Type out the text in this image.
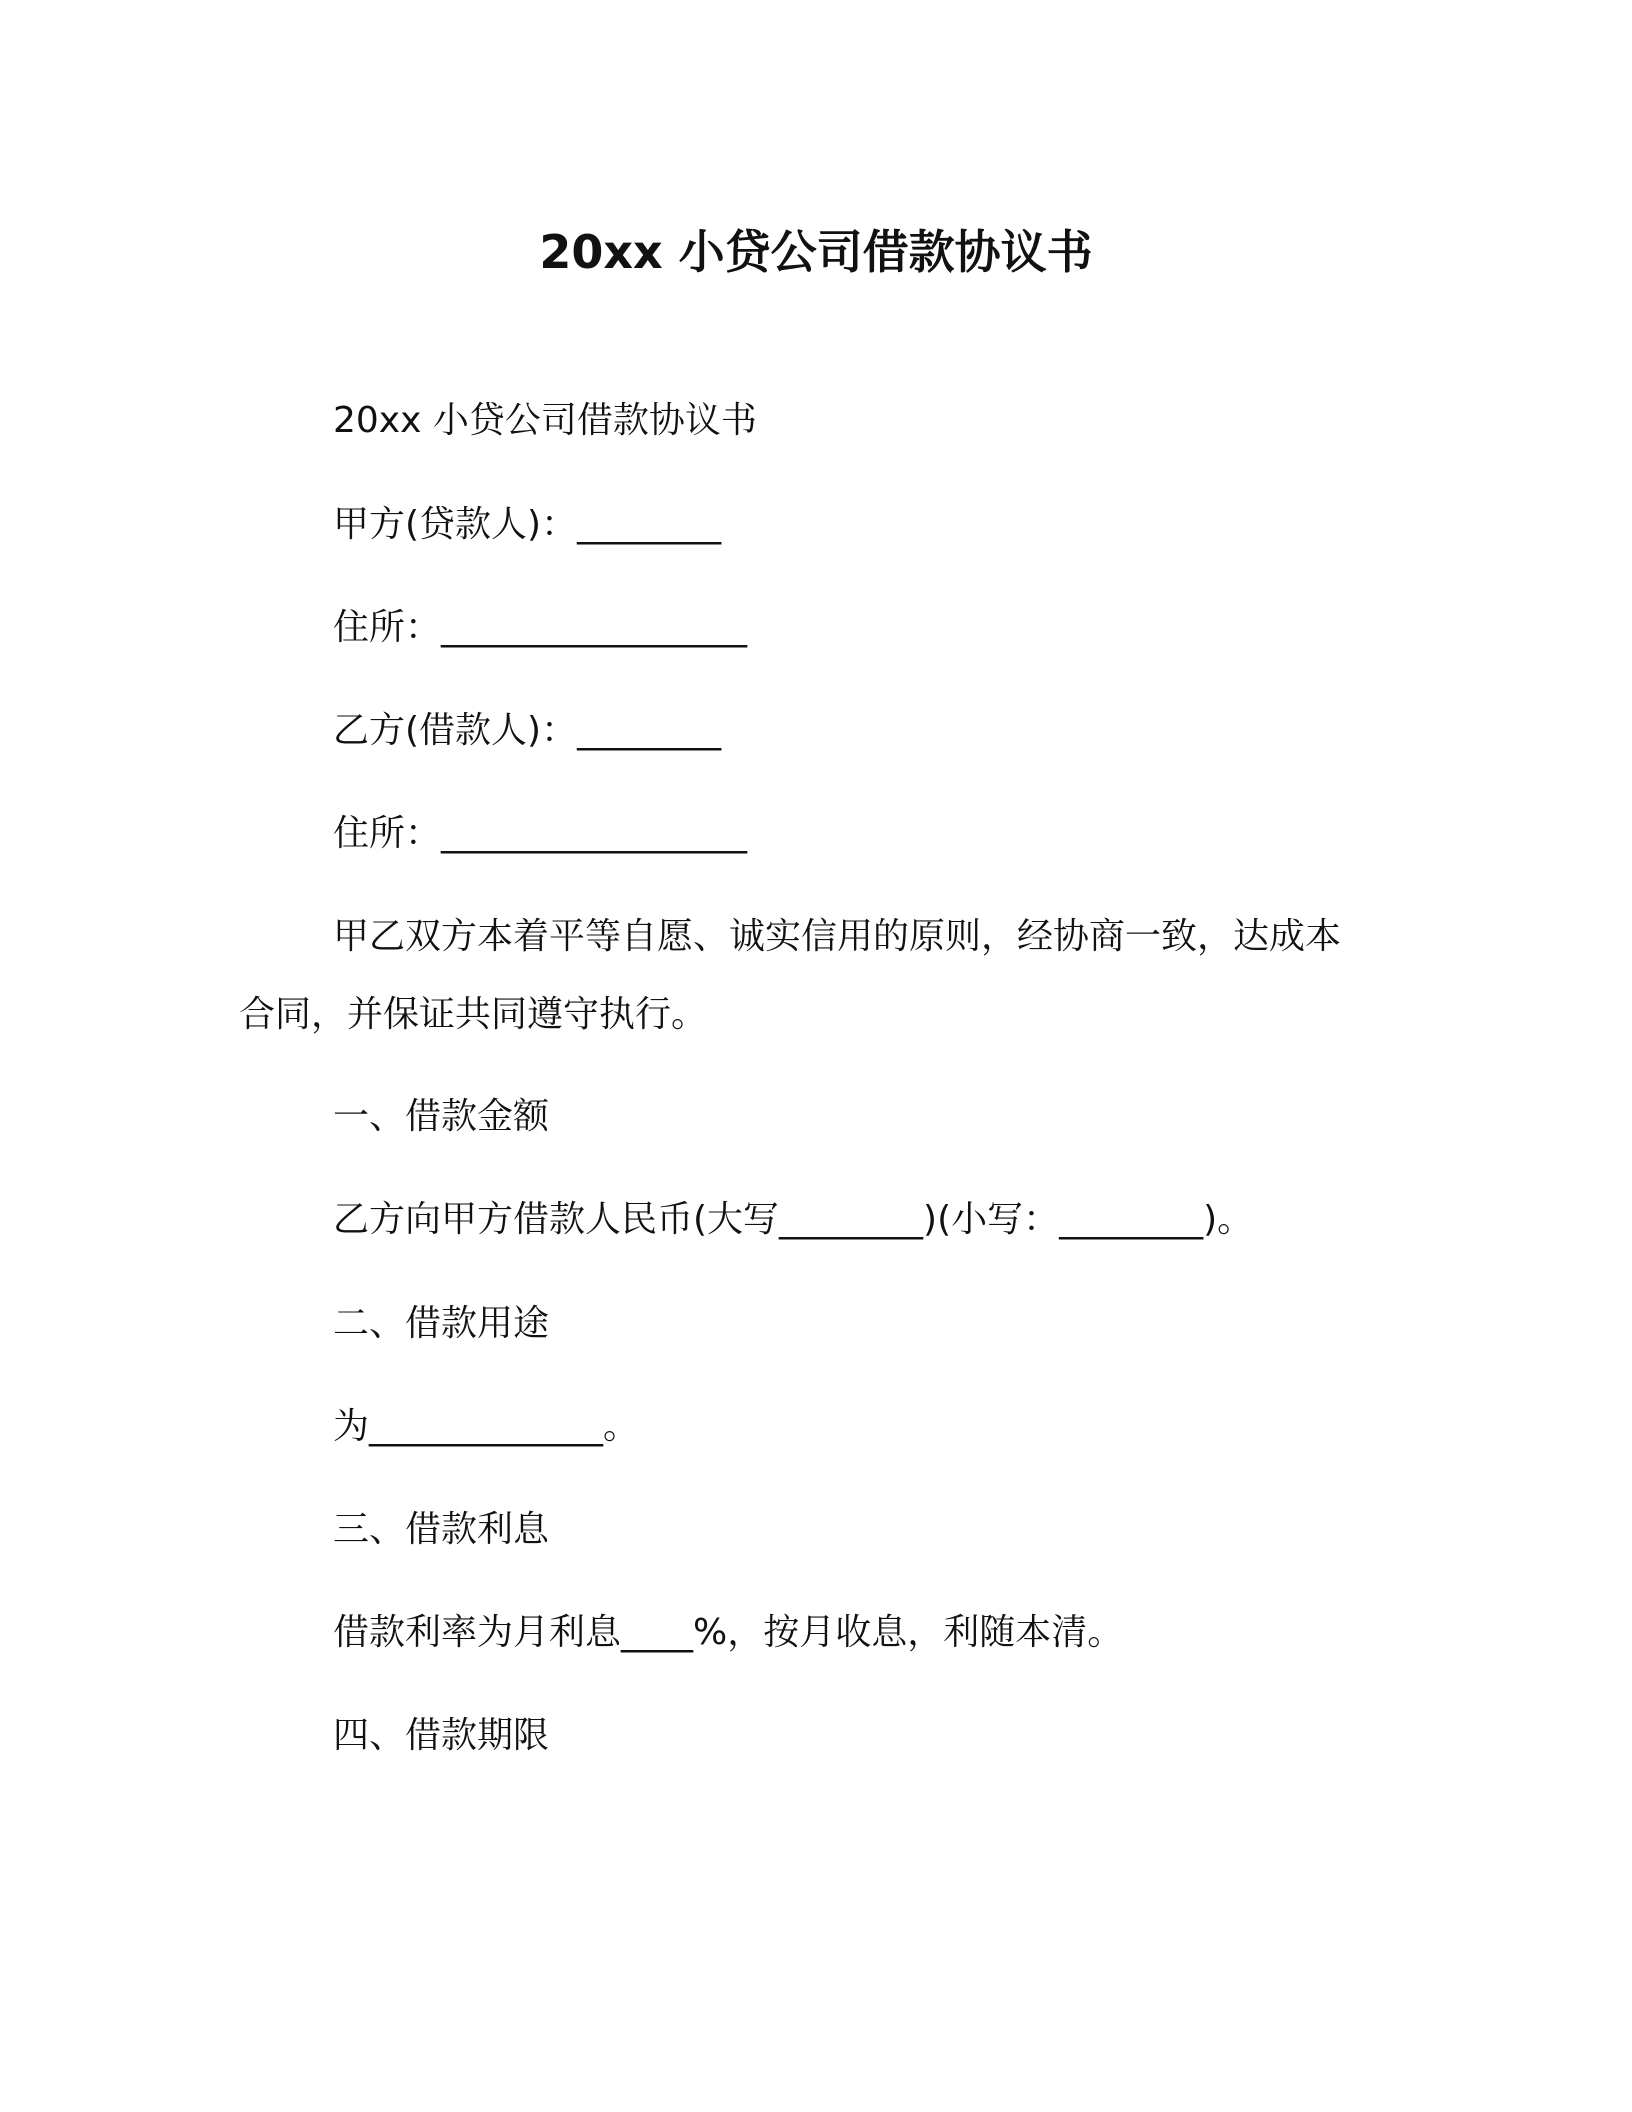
20xx 小贷公司借款协议书
20xx 小贷公司借款协议书
甲方(贷款人)：________
住所：_________________
乙方(借款人)：________
住所：_________________
甲乙双方本着平等自愿、诚实信用的原则，经协商一致，达成本
合同，并保证共同遵守执行。
一、借款金额
乙方向甲方借款人民币(大写________)(小写：________)。
二、借款用途
为_____________。
三、借款利息
借款利率为月利息____%，按月收息，利随本清。
四、借款期限
